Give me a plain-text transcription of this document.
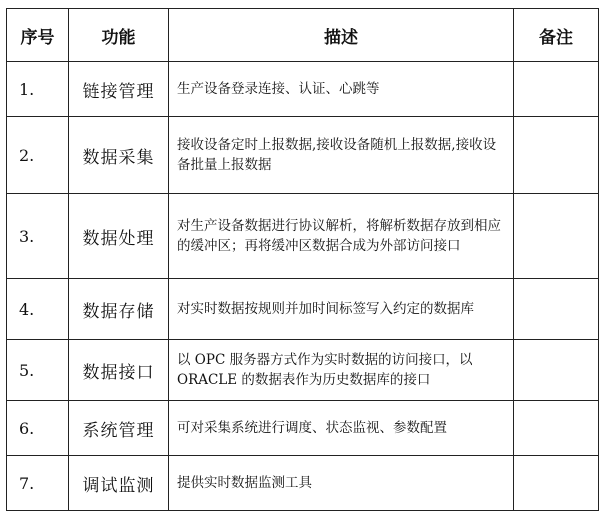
序号	功能	描述	备注
1.	链接管理	生产设备登录连接、认证、心跳等	
2.	数据采集	接收设备定时上报数据,接收设备随机上报数据,接收设备批量上报数据	
3.	数据处理	对生产设备数据进行协议解析，将解析数据存放到相应的缓冲区；再将缓冲区数据合成为外部访问接口	
4.	数据存储	对实时数据按规则并加时间标签写入约定的数据库	
5.	数据接口	以 OPC 服务器方式作为实时数据的访问接口，以 ORACLE 的数据表作为历史数据库的接口	
6.	系统管理	可对采集系统进行调度、状态监视、参数配置	
7.	调试监测	提供实时数据监测工具	
